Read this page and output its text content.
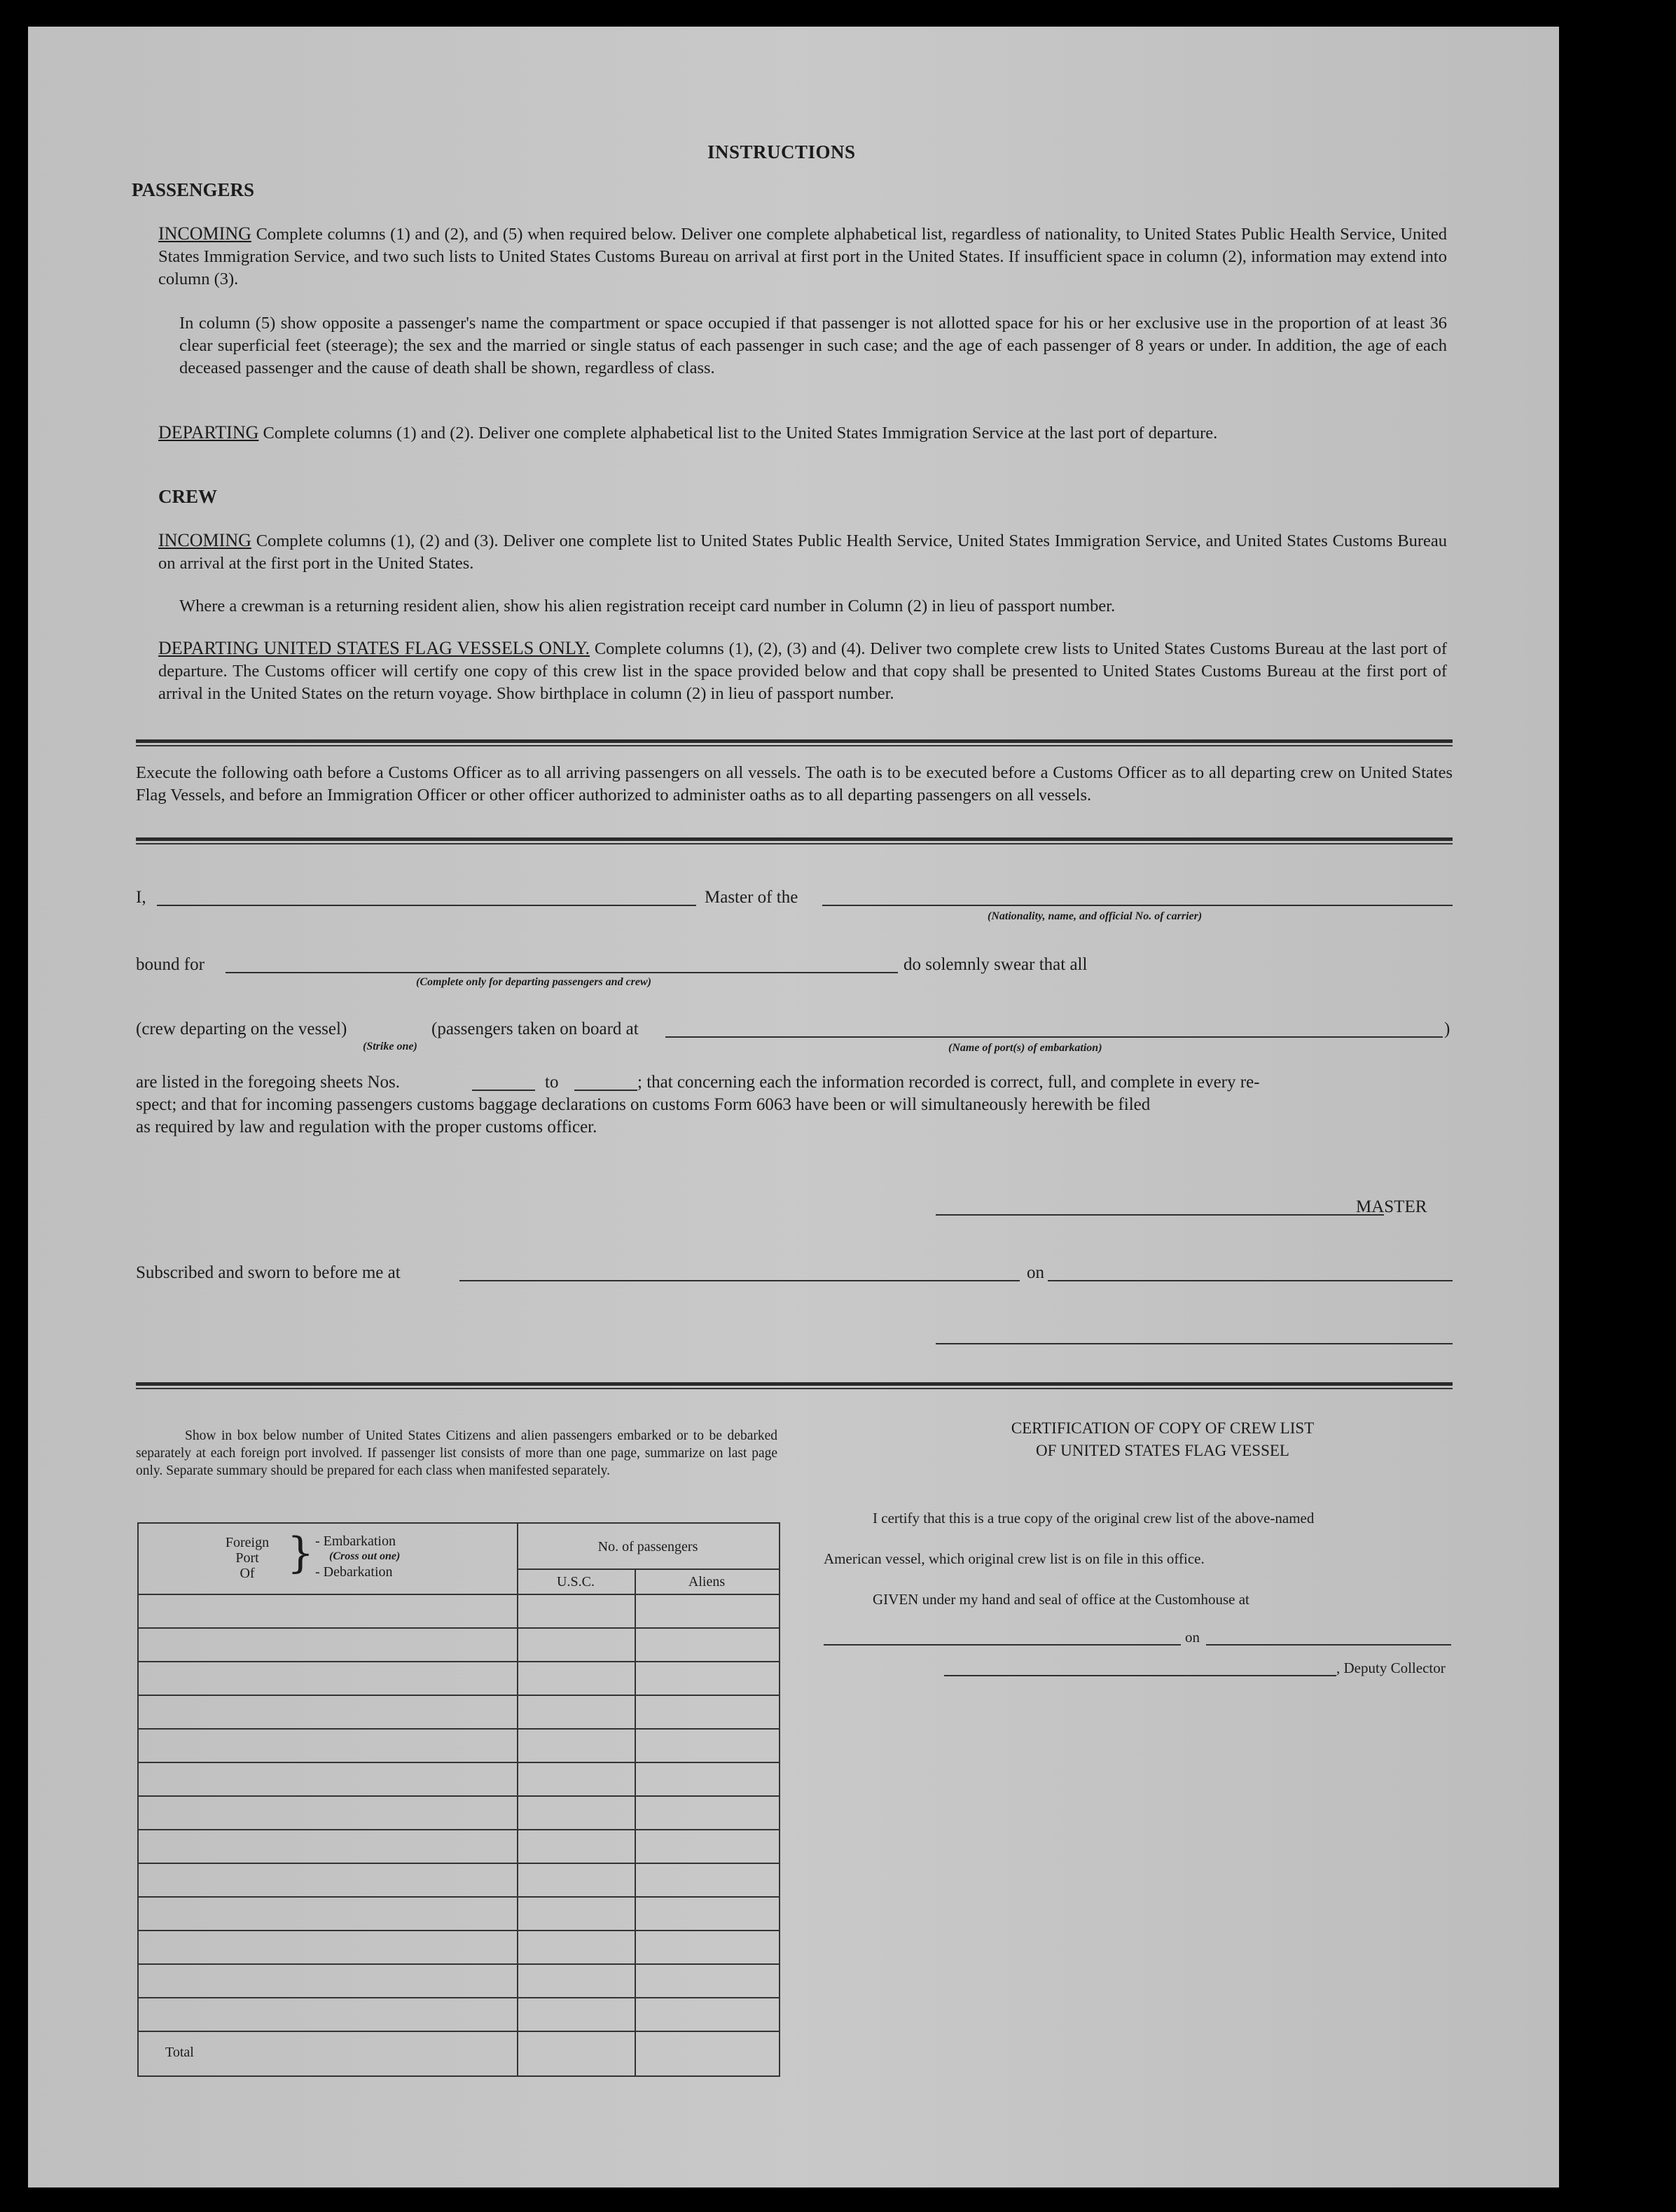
INSTRUCTIONS
PASSENGERS
INCOMING Complete columns (1) and (2), and (5) when required below. Deliver one complete alphabetical list, regardless of nationality, to United States Public Health Service, United States Immigration Service, and two such lists to United States Customs Bureau on arrival at first port in the United States. If insufficient space in column (2), information may extend into column (3).
In column (5) show opposite a passenger's name the compartment or space occupied if that passenger is not allotted space for his or her exclusive use in the proportion of at least 36 clear superficial feet (steerage); the sex and the married or single status of each passenger in such case; and the age of each passenger of 8 years or under. In addition, the age of each deceased passenger and the cause of death shall be shown, regardless of class.
DEPARTING Complete columns (1) and (2). Deliver one complete alphabetical list to the United States Immigration Service at the last port of departure.
CREW
INCOMING Complete columns (1), (2) and (3). Deliver one complete list to United States Public Health Service, United States Immigration Service, and United States Customs Bureau on arrival at the first port in the United States.
Where a crewman is a returning resident alien, show his alien registration receipt card number in Column (2) in lieu of passport number.
DEPARTING UNITED STATES FLAG VESSELS ONLY. Complete columns (1), (2), (3) and (4). Deliver two complete crew lists to United States Customs Bureau at the last port of departure. The Customs officer will certify one copy of this crew list in the space provided below and that copy shall be presented to United States Customs Bureau at the first port of arrival in the United States on the return voyage. Show birthplace in column (2) in lieu of passport number.
Execute the following oath before a Customs Officer as to all arriving passengers on all vessels. The oath is to be executed before a Customs Officer as to all departing crew on United States Flag Vessels, and before an Immigration Officer or other officer authorized to administer oaths as to all departing passengers on all vessels.
I,	Master of the
(Nationality, name, and official No. of carrier)
bound for
(Complete only for departing passengers and crew)
do solemnly swear that all
(crew departing on the vessel)
(Strike one)
(passengers taken on board at	)
(Name of port(s) of embarkation)
are listed in the foregoing sheets Nos.	to	; that concerning each the information recorded is correct, full, and complete in every re-
spect; and that for incoming passengers customs baggage declarations on customs Form 6063 have been or will simultaneously herewith be filed
as required by law and regulation with the proper customs officer.
MASTER
Subscribed and sworn to before me at	on
Show in box below number of United States Citizens and alien passengers embarked or to be debarked separately at each foreign port involved. If passenger list consists of more than one page, summarize on last page only. Separate summary should be prepared for each class when manifested separately.
Foreign
Port
Of } - Embarkation
(Cross out one)
- Debarkation
No. of passengers
U.S.C.	Aliens
Total
CERTIFICATION OF COPY OF CREW LIST
OF UNITED STATES FLAG VESSEL
I certify that this is a true copy of the original crew list of the above-named
American vessel, which original crew list is on file in this office.
GIVEN under my hand and seal of office at the Customhouse at
on
, Deputy Collector
